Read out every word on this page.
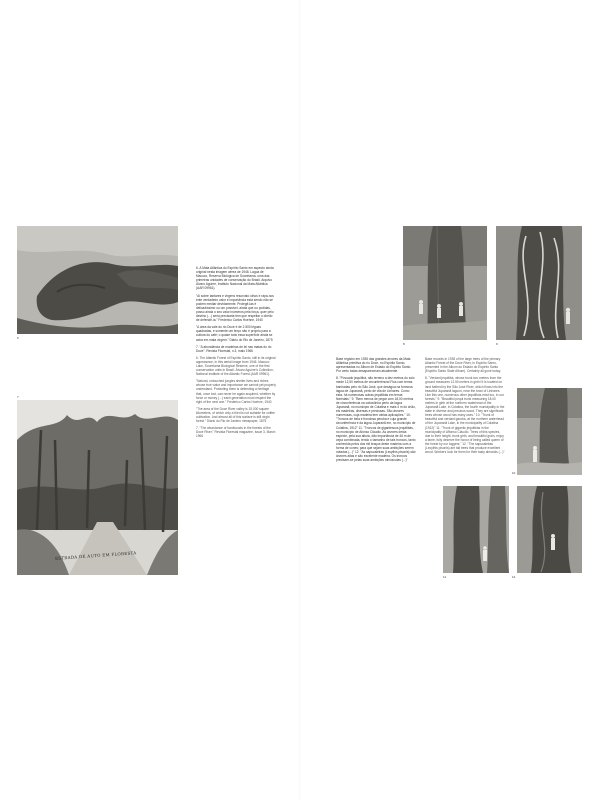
6
ESTRADA DE AUTO EM FLORESTA
7

6. A Mata Atlântica do Espírito Santo em aspecto ainda original nesta imagem aérea de 1946. Lagoa de Macuco, Reserva Biológica de Sooretama, uma das primeiras unidades de conservação do Brasil. Arquivo Álvaro Aguirre, Instituto Nacional da Mata Atlântica (AAR 09961).

"Ai sobre tantares e virgens resurvato olhos e rápa-nos ente verdadeiro valor e importância está sendo não se podem mediar devidamente. Protegê-las é delicadíssimo ou um possível, ainda que ou podidas, posso ainda o seu valor inúmeros pela força, quer pelo destino (...) seria precisaria tem que respeitar o direito de defendê-la." Frederico Carlos Hoehne, 1940

"A área da vale do rio Doce é de 2.500 léguas quadradas, e somente um terço não é próprio para a cultura do café; o quase todo essa superfície ainda se acha em mata virgem." Diário do Rio de Janeiro, 1875

7. "A abundância de madeiras de lei nas matas do rio Doce". Revista Florestal, n.3, maio 1966

6. The Atlantic Forest of Espírito Santo, still in its original appearance, in this aerial image from 1946. Macuco Lake, Sooretama Biological Reserve, one of the first conservation units in Brazil. Álvaro Aguirre's Collection, National Institute of the Atlantic Forest (AAR 09961).

"Natural, untouched jungles shelter lives and riches whose true value and importance we cannot yet properly understand. Protecting them is defending a heritage that, once lost, can never be again acquired, whether by force or money (...) each generation must respect the right of the next one." Frederico Carlos Hoehne, 1940

"The area of the Doce River valley is 15.000 square kilometers, of which only a third is not suitable for coffee cultivation. And almost all of this surface is still virgin forest." Diário do Rio de Janeiro newspaper, 1875

7. "The abundance of hardwoods in the forests of the Doce River," Revista Florestal magazine, issue 3, March 1966

Base registro em 1935 das grandes árvores da Mata Atlântica primitiva do rio Doce, no Espírito Santo, apresentadas no Álbum de Estado do Espírito Santo. Por certo todas desapareceram atualmente.

8. "Povoado jequitibá, não terreno a dez metros do solo mede 12,50 metros de circunferência! Fica com terras banhadas pelo rio São José, que deságua na formosa lagoa de Juparanã, perto de vila de Linhares. Como esta, há numerosas outras jequitibás em terras florestais." 9. "Bem menos de pegar com 18,00 metros de circunferência na caboclinha perto da lagoa Juparanã, no município de Colatina e mais 4 m do chão, eis madeiras, diversas e preciosas. São árvores numerosas, cuja madeira tem várias aplicações." 10. "Troncos de bela e frondosa peroba e cuja grande circunferência é da lagoa Juparanã em, no município de Colatina, 1912" 11. "Troncos de gigantescos jequitibás, no município de Afonso Cláudio. As árvores desta espécie, pela sua altura, dão importância de 46 m de cepa combinada, tendo o tamanho de tais troncos, tanto conhecida pelos dos mil braços deste madeira com a forma de cones; para que sejam suas ambições serem notadas (...)" 12. "As sapucaieiras (Lecythis pisonis) são árvores altas e são excelente madeira. Os troncos precisam-se pelas suas ambições minúsculas (...)"

Base records in 1935 of the large trees of the primary Atlantic Forest of the Doce River, in Espírito Santo, presented in the Album do Estado do Espírito Santo (Espírito Santo State Album). Certainly all gone today.

8. "Verdant jequitibá, whose trunk two meters from the ground measures 12.50 meters in girth! It is located on land bathed by the São José River, which flows into the beautiful Juparanã lagoon, near the town of Linhares. Like this one, numerous other jequitibás exist too, in our forests." 9. "Beautiful pequi trunk measuring 18.00 meters in girth at the northern waterhead of the Juparanã Lake, in Colatina, the fourth municipality in the state in diverse and precious wood. They are significant trees whose wood has many uses." 10. "Trunk of beautiful and verdant garoba, at the northern waterhead of the Juparanã Lake, in the municipality of Colatina (1912)" 11. "Trunk of gigantic jequitibás in the municipality of Affonso Cláudio. Trees of this species, due to their height, trunk girth, and beautiful grain, enjoy a fame, fully deserve the honor of being called queen of the forest by our loggers." 12. "The sapucaieiras (Lecythis pisonis) are tall trees that produce excellent wood. Workers look for them for their tasty almonds (...)"

8	9
10
11	12
